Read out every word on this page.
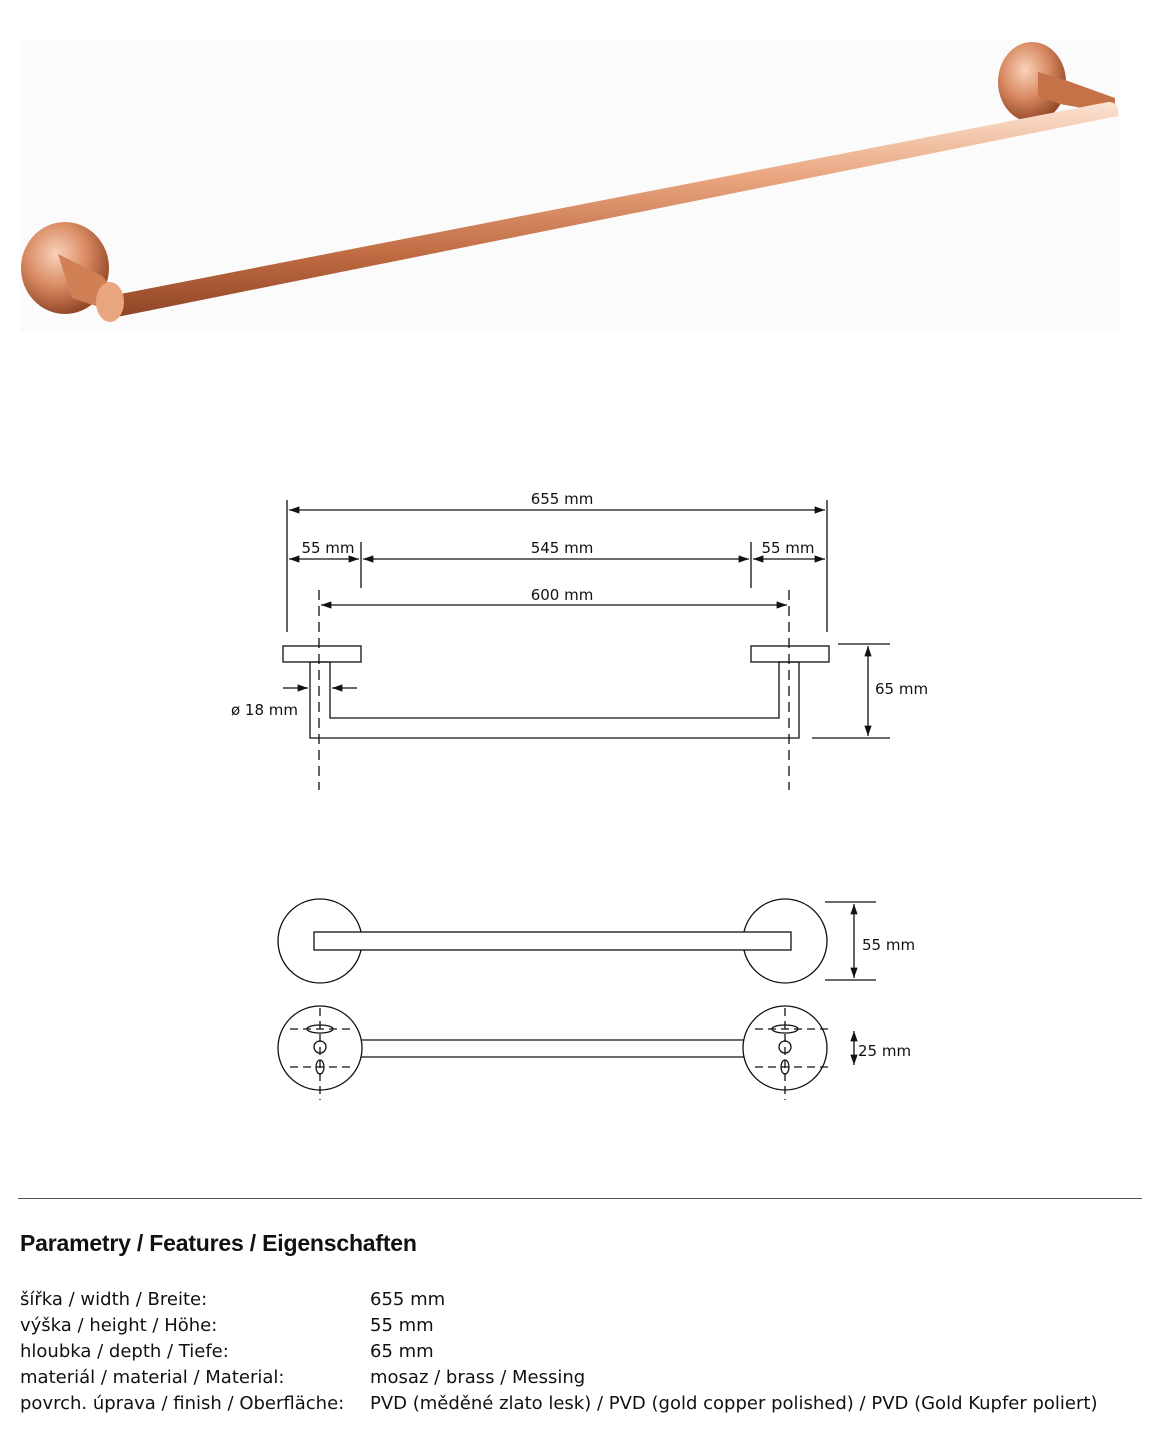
655 mm
55 mm	545 mm	55 mm
600 mm
ø 18 mm
65 mm
55 mm
25 mm
Parametry / Features / Eigenschaften
šířka / width / Breite:	655 mm
výška / height / Höhe:	55 mm
hloubka / depth / Tiefe:	65 mm
materiál / material / Material:	mosaz / brass / Messing
povrch. úprava / finish / Oberfläche:	PVD (měděné zlato lesk) / PVD (gold copper polished) / PVD (Gold Kupfer poliert)
